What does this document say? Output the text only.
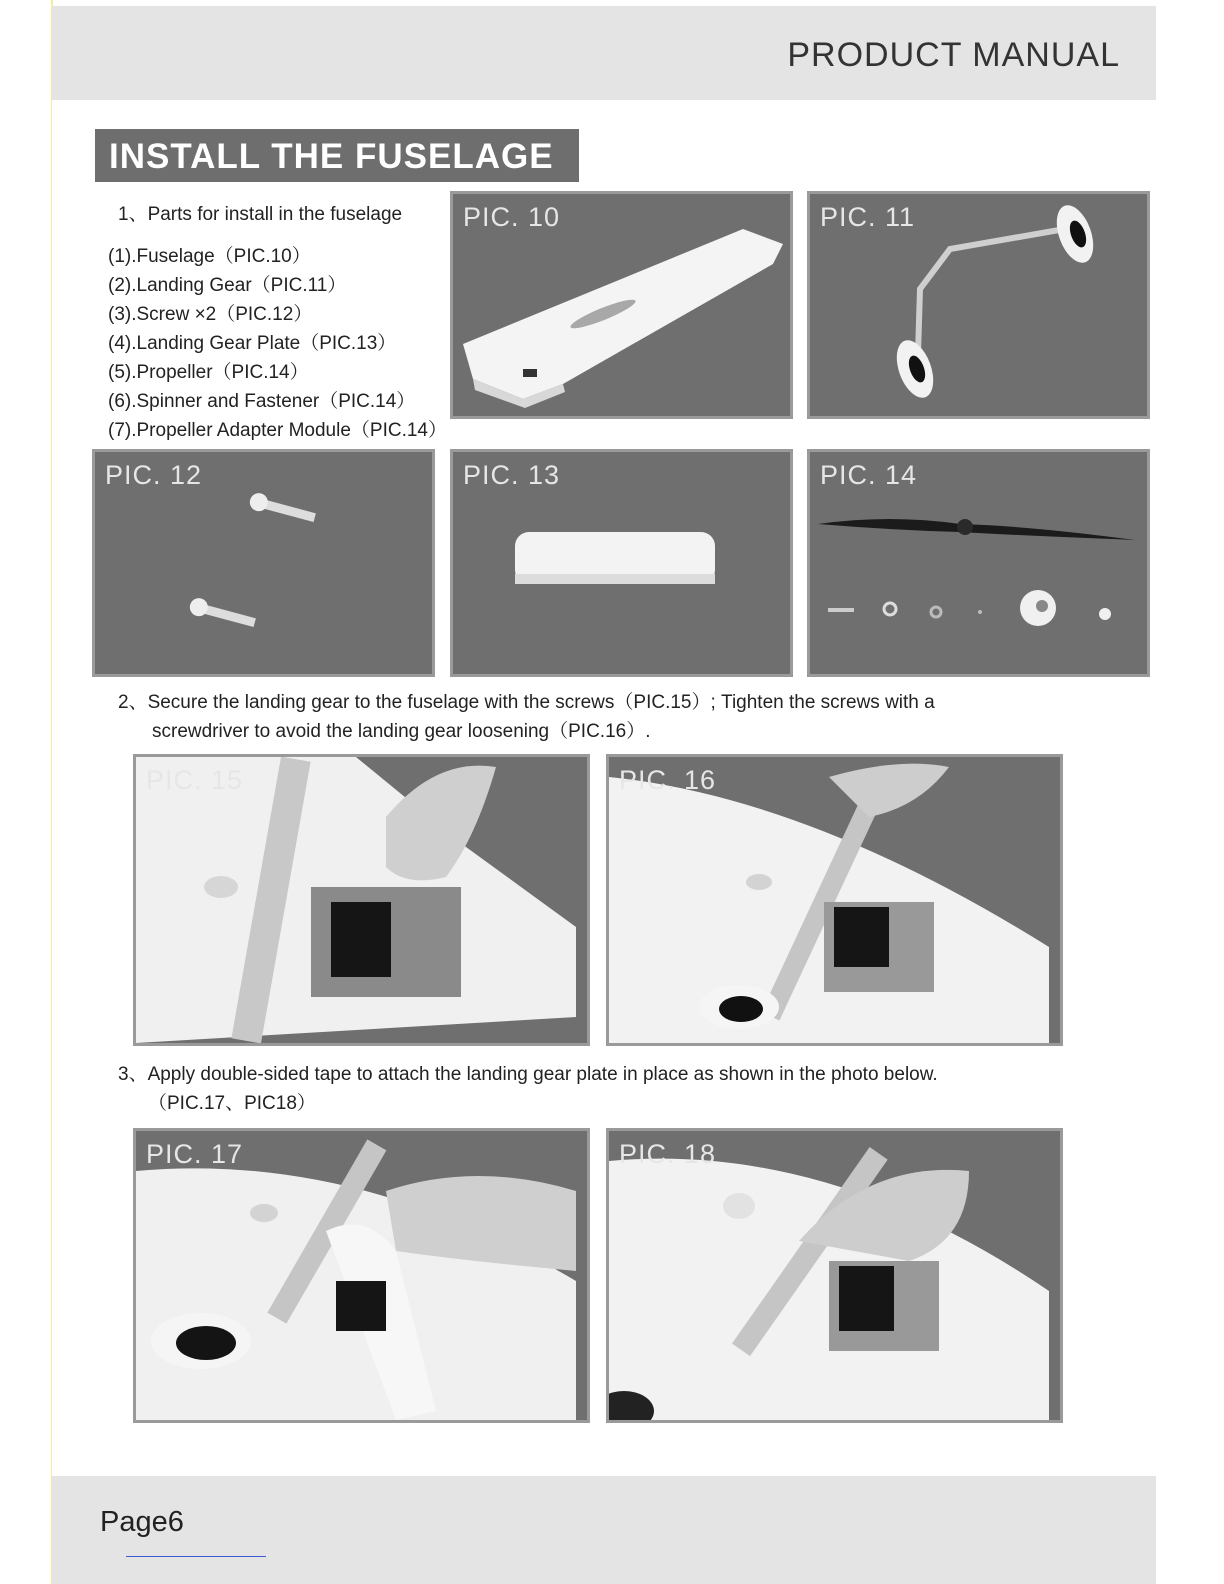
PRODUCT MANUAL
INSTALL THE FUSELAGE
1、Parts for install in the fuselage
(1).Fuselage（PIC.10）
(2).Landing Gear（PIC.11）
(3).Screw ×2（PIC.12）
(4).Landing Gear Plate（PIC.13）
(5).Propeller（PIC.14）
(6).Spinner and Fastener（PIC.14）
(7).Propeller Adapter Module（PIC.14）
PIC. 10	PIC. 11
PIC. 12	PIC. 13	PIC. 14
2、Secure the landing gear to the fuselage with the screws（PIC.15）; Tighten the screws with a
screwdriver to avoid the landing gear loosening（PIC.16）.
PIC. 15	PIC. 16
3、Apply double-sided tape to attach the landing gear plate in place as shown in the photo below.
（PIC.17、PIC18）
PIC. 17	PIC. 18
Page6
